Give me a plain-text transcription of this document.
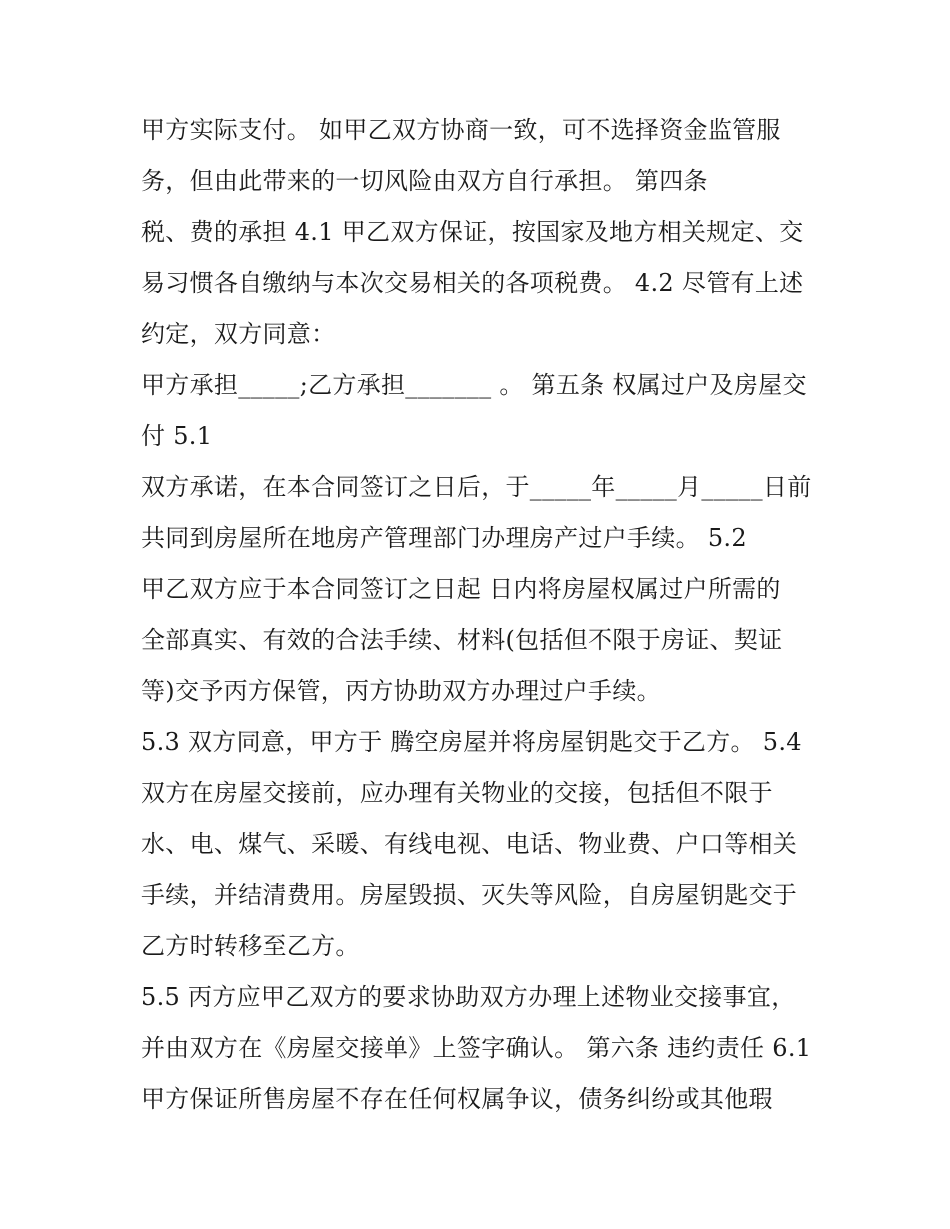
甲方实际支付。 如甲乙双方协商一致，可不选择资金监管服
务，但由此带来的一切风险由双方自行承担。 第四条
税、费的承担 4.1 甲乙双方保证，按国家及地方相关规定、交
易习惯各自缴纳与本次交易相关的各项税费。 4.2 尽管有上述
约定，双方同意：
甲方承担_____;乙方承担_______ 。 第五条 权属过户及房屋交
付 5.1
双方承诺，在本合同签订之日后，于_____年_____月_____日前
共同到房屋所在地房产管理部门办理房产过户手续。 5.2
甲乙双方应于本合同签订之日起 日内将房屋权属过户所需的
全部真实、有效的合法手续、材料(包括但不限于房证、契证
等)交予丙方保管，丙方协助双方办理过户手续。
5.3 双方同意，甲方于 腾空房屋并将房屋钥匙交于乙方。 5.4
双方在房屋交接前，应办理有关物业的交接，包括但不限于
水、电、煤气、采暖、有线电视、电话、物业费、户口等相关
手续，并结清费用。房屋毁损、灭失等风险，自房屋钥匙交于
乙方时转移至乙方。
5.5 丙方应甲乙双方的要求协助双方办理上述物业交接事宜，
并由双方在《房屋交接单》上签字确认。 第六条 违约责任 6.1
甲方保证所售房屋不存在任何权属争议，债务纠纷或其他瑕
